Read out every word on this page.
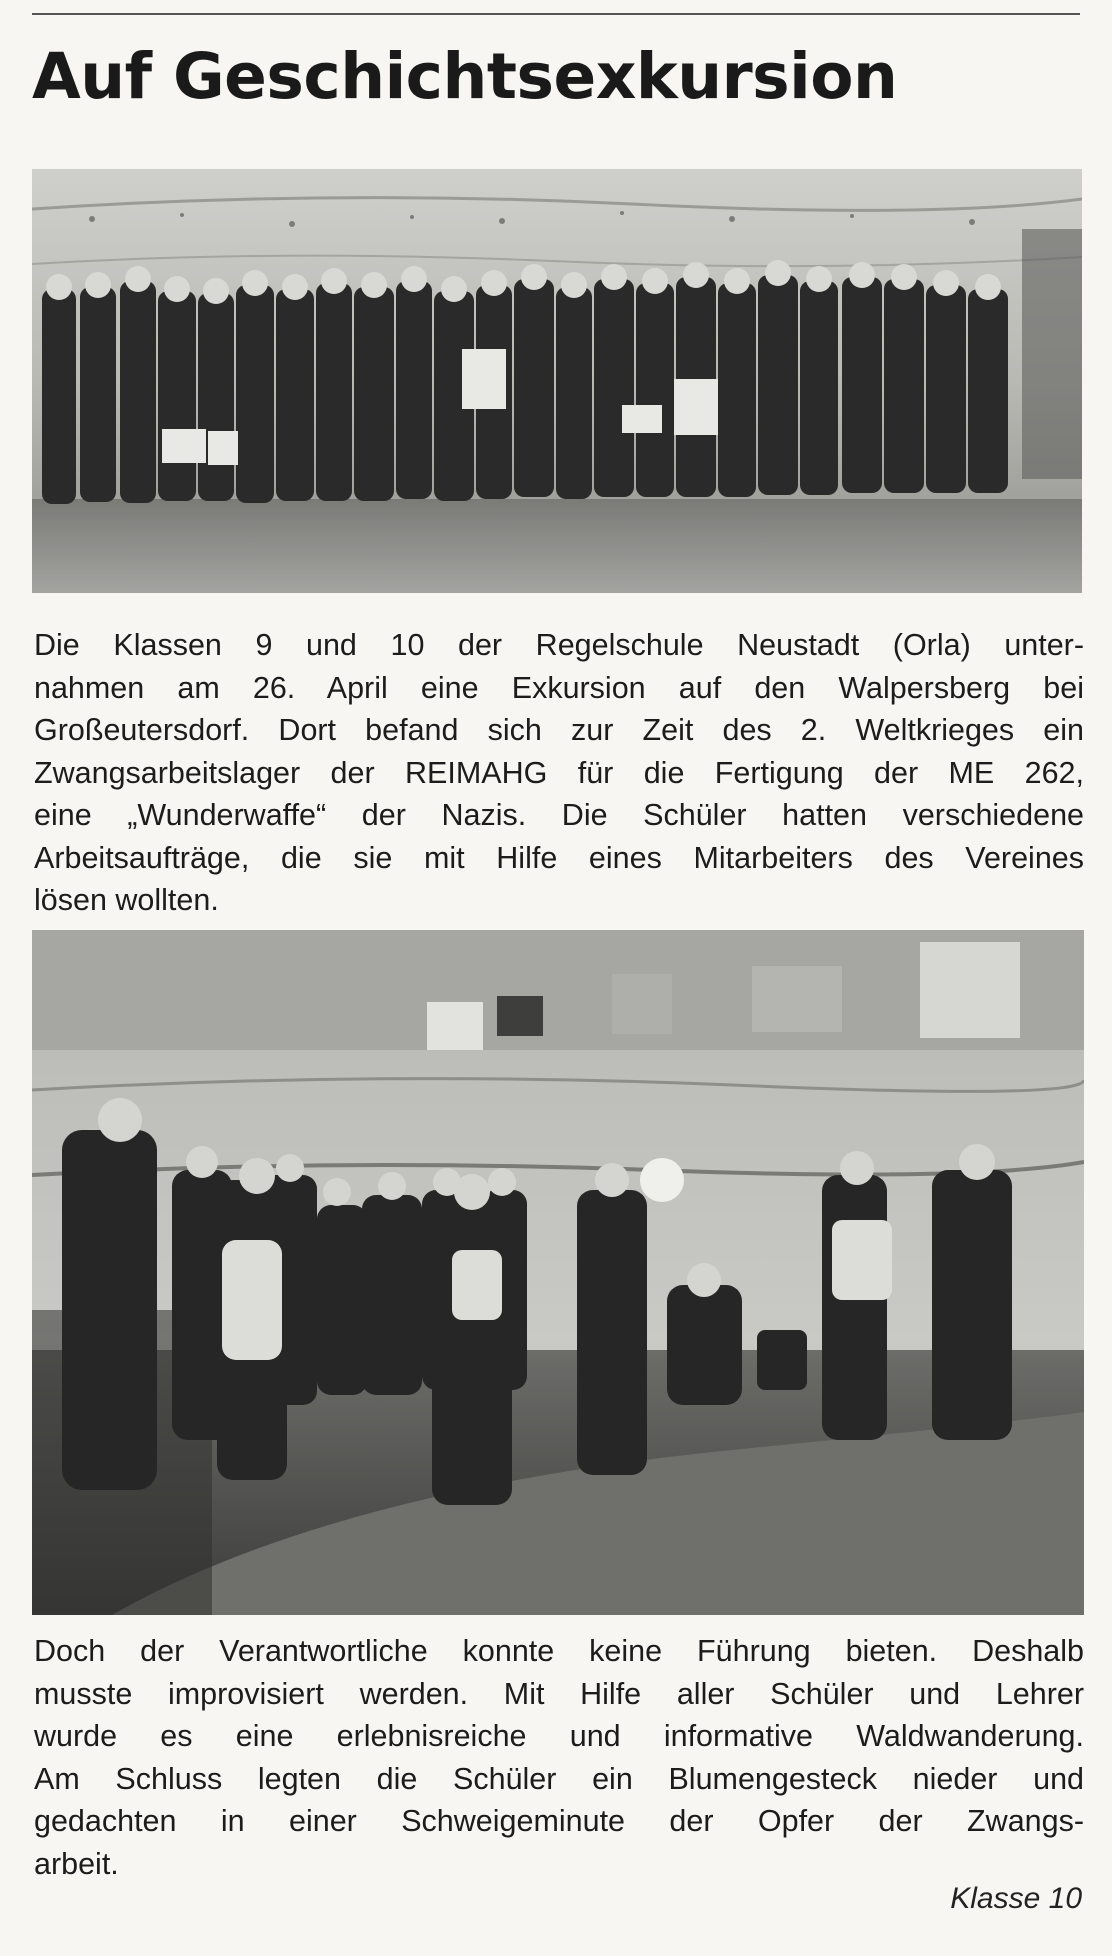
Auf Geschichtsexkursion

Die Klassen 9 und 10 der Regelschule Neustadt (Orla) unter-
nahmen am 26. April eine Exkursion auf den Walpersberg bei
Großeutersdorf. Dort befand sich zur Zeit des 2. Weltkrieges ein
Zwangsarbeitslager der REIMAHG für die Fertigung der ME 262,
eine „Wunderwaffe“ der Nazis. Die Schüler hatten verschiedene
Arbeitsaufträge, die sie mit Hilfe eines Mitarbeiters des Vereines
lösen wollten.

Doch der Verantwortliche konnte keine Führung bieten. Deshalb
musste improvisiert werden. Mit Hilfe aller Schüler und Lehrer
wurde es eine erlebnisreiche und informative Waldwanderung.
Am Schluss legten die Schüler ein Blumengesteck nieder und
gedachten in einer Schweigeminute der Opfer der Zwangs-
arbeit.

Klasse 10
